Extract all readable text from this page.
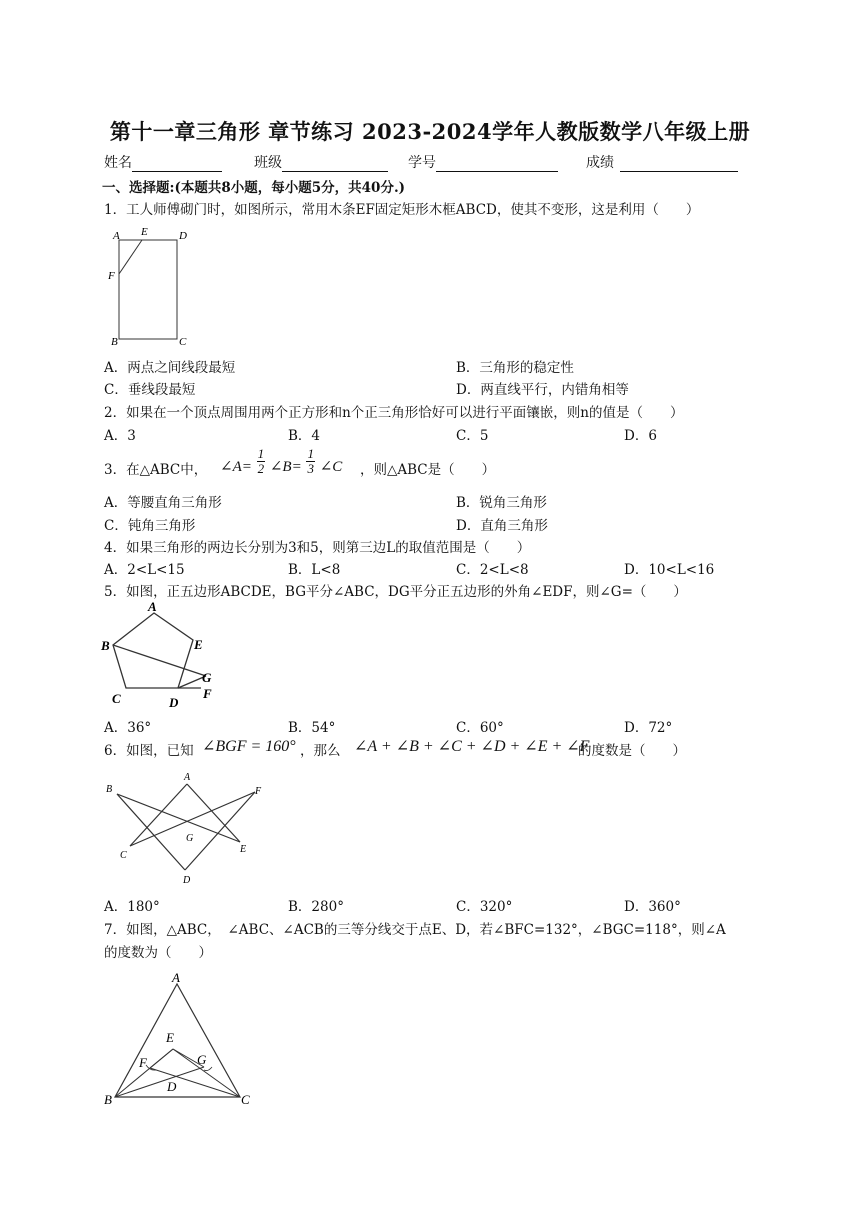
第十一章三角形 章节练习 2023-2024学年人教版数学八年级上册
姓名	班级	学号	成绩
一、选择题:(本题共8小题，每小题5分，共40分.)
1．工人师傅砌门时，如图所示，常用木条EF固定矩形木框ABCD，使其不变形，这是利用（　　）
A E	D
F
B	C
A．两点之间线段最短	B．三角形的稳定性
C．垂线段最短	D．两直线平行，内错角相等
2．如果在一个顶点周围用两个正方形和n个正三角形恰好可以进行平面镶嵌，则n的值是（　　）
A．3	B．4	C．5	D．6
3．在△ABC中， ∠A= $\frac{1}{2}$ ∠B= $\frac{1}{3}$ ∠C ，则△ABC是（　　）
A．等腰直角三角形	B．锐角三角形
C．钝角三角形	D．直角三角形
4．如果三角形的两边长分别为3和5，则第三边L的取值范围是（　　）
A．2<L<15	B．L<8	C．2<L<8	D．10<L<16
5．如图，正五边形ABCDE，BG平分∠ABC，DG平分正五边形的外角∠EDF，则∠G=（　　）
A
B
C	D
E
F
G
A．36°	B．54°	C．60°	D．72°
6．如图，已知 ∠BGF = 160° ，那么 ∠A + ∠B + ∠C + ∠D + ∠E + ∠F
的度数是（　　）
A
B
C
D
E
F
G
A．180°	B．280°	C．320°	D．360°
7．如图，△ABC，　∠ABC、∠ACB的三等分线交于点E、D，若∠BFC=132°，∠BGC=118°，则∠A
的度数为（　　）
A
B	C
D
E
F	G
